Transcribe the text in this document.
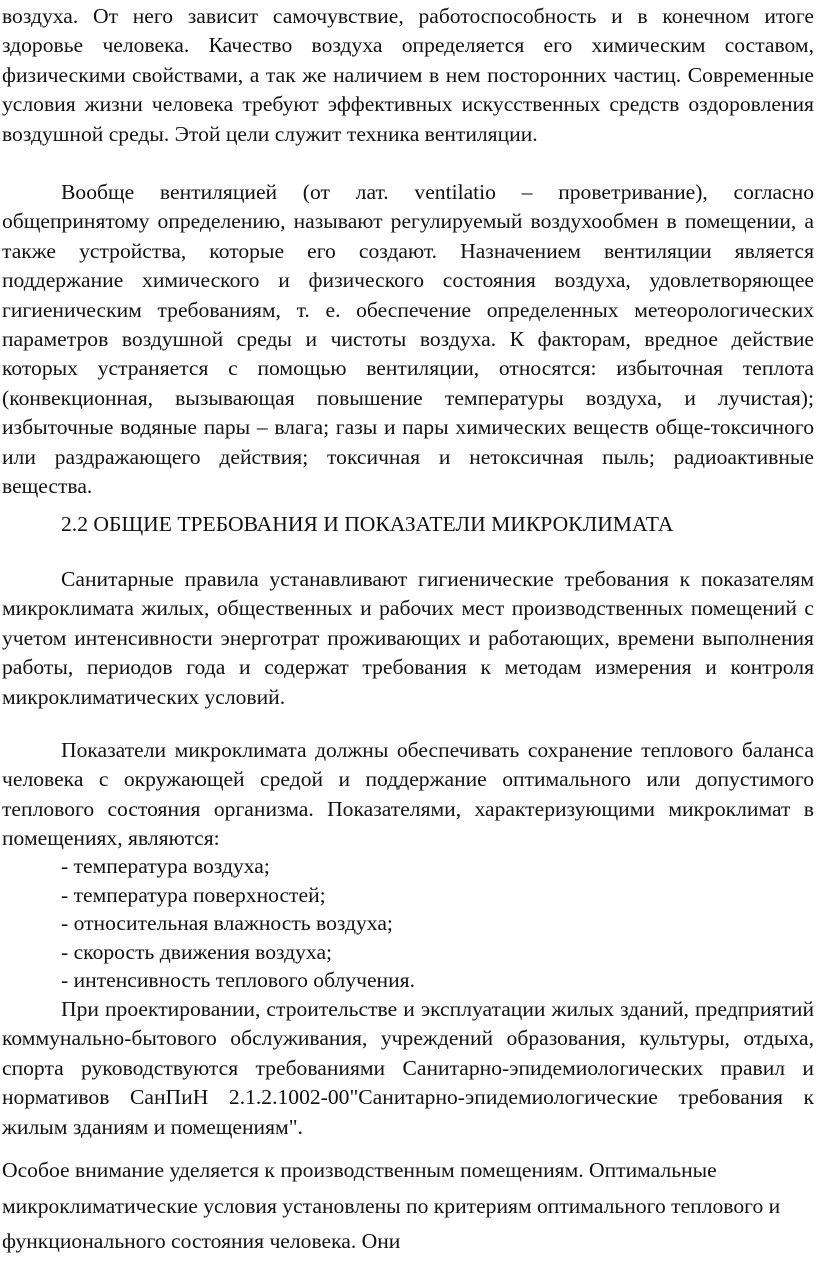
воздуха. От него зависит самочувствие, работоспособность и в конечном итоге здоровье человека. Качество воздуха определяется его химическим составом, физическими свойствами, а так же наличием в нем посторонних частиц. Современные условия жизни человека требуют эффективных искусственных средств оздоровления воздушной среды. Этой цели служит техника вентиляции.

Вообще вентиляцией (от лат. ventilatio – проветривание), согласно общепринятому определению, называют регулируемый воздухообмен в помещении, а также устройства, которые его создают. Назначением вентиляции является поддержание химического и физического состояния воздуха, удовлетворяющее гигиеническим требованиям, т. е. обеспечение определенных метеорологических параметров воздушной среды и чистоты воздуха. К факторам, вредное действие которых устраняется с помощью вентиляции, относятся: избыточная теплота (конвекционная, вызывающая повышение температуры воздуха, и лучистая); избыточные водяные пары – влага; газы и пары химических веществ обще-токсичного или раздражающего действия; токсичная и нетоксичная пыль; радиоактивные вещества.

2.2 ОБЩИЕ ТРЕБОВАНИЯ И ПОКАЗАТЕЛИ МИКРОКЛИМАТА

Санитарные правила устанавливают гигиенические требования к показателям микроклимата жилых, общественных и рабочих мест производственных помещений с учетом интенсивности энерготрат проживающих и работающих, времени выполнения работы, периодов года и содержат требования к методам измерения и контроля микроклиматических условий.

Показатели микроклимата должны обеспечивать сохранение теплового баланса человека с окружающей средой и поддержание оптимального или допустимого теплового состояния организма. Показателями, характеризующими микроклимат в помещениях, являются:

- температура воздуха;
- температура поверхностей;
- относительная влажность воздуха;
- скорость движения воздуха;
- интенсивность теплового облучения.

При проектировании, строительстве и эксплуатации жилых зданий, предприятий коммунально-бытового обслуживания, учреждений образования, культуры, отдыха, спорта руководствуются требованиями Санитарно-эпидемиологических правил и нормативов СанПиН 2.1.2.1002-00"Санитарно-эпидемиологические требования к жилым зданиям и помещениям".

Особое внимание уделяется к производственным помещениям. Оптимальные микроклиматические условия установлены по критериям оптимального теплового и функционального состояния человека. Они
